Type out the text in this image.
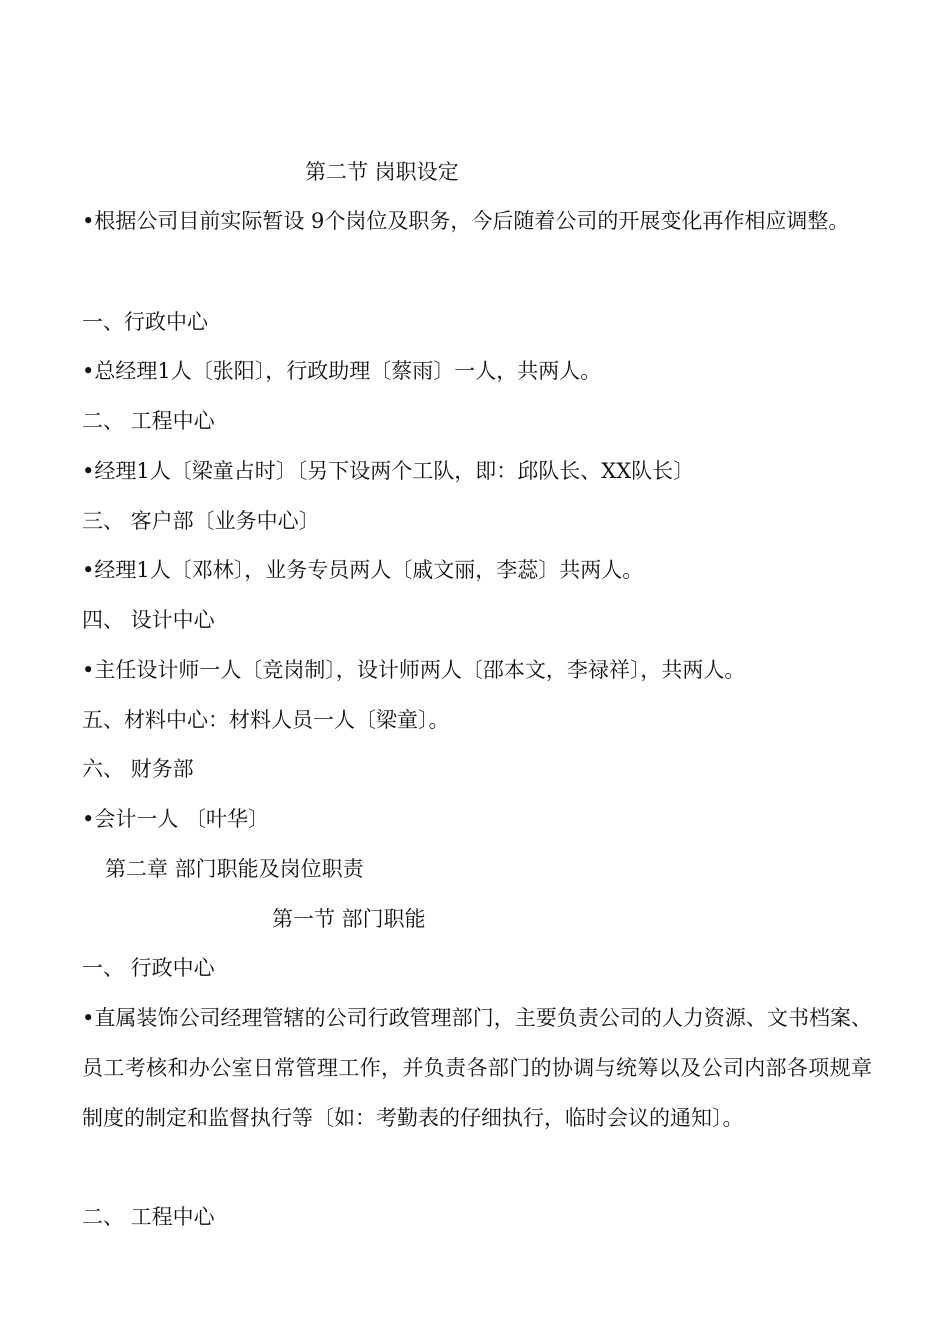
第二节 岗职设定
•根据公司目前实际暂设 9个岗位及职务，今后随着公司的开展变化再作相应调整。
一、行政中心
•总经理1人〔张阳〕，行政助理〔蔡雨〕一人，共两人。
二、 工程中心
•经理1人〔梁童占时〕〔另下设两个工队，即：邱队长、XX队长〕
三、 客户部〔业务中心〕
•经理1人〔邓林〕，业务专员两人〔戚文丽，李蕊〕共两人。
四、 设计中心
•主任设计师一人〔竞岗制〕，设计师两人〔邵本文，李禄祥〕，共两人。
五、材料中心：材料人员一人〔梁童〕。
六、 财务部
•会计一人 〔叶华〕
第二章 部门职能及岗位职责
第一节 部门职能
一、 行政中心
•直属装饰公司经理管辖的公司行政管理部门，主要负责公司的人力资源、文书档案、员工考核和办公室日常管理工作，并负责各部门的协调与统筹以及公司内部各项规章制度的制定和监督执行等〔如：考勤表的仔细执行，临时会议的通知〕。
二、 工程中心
